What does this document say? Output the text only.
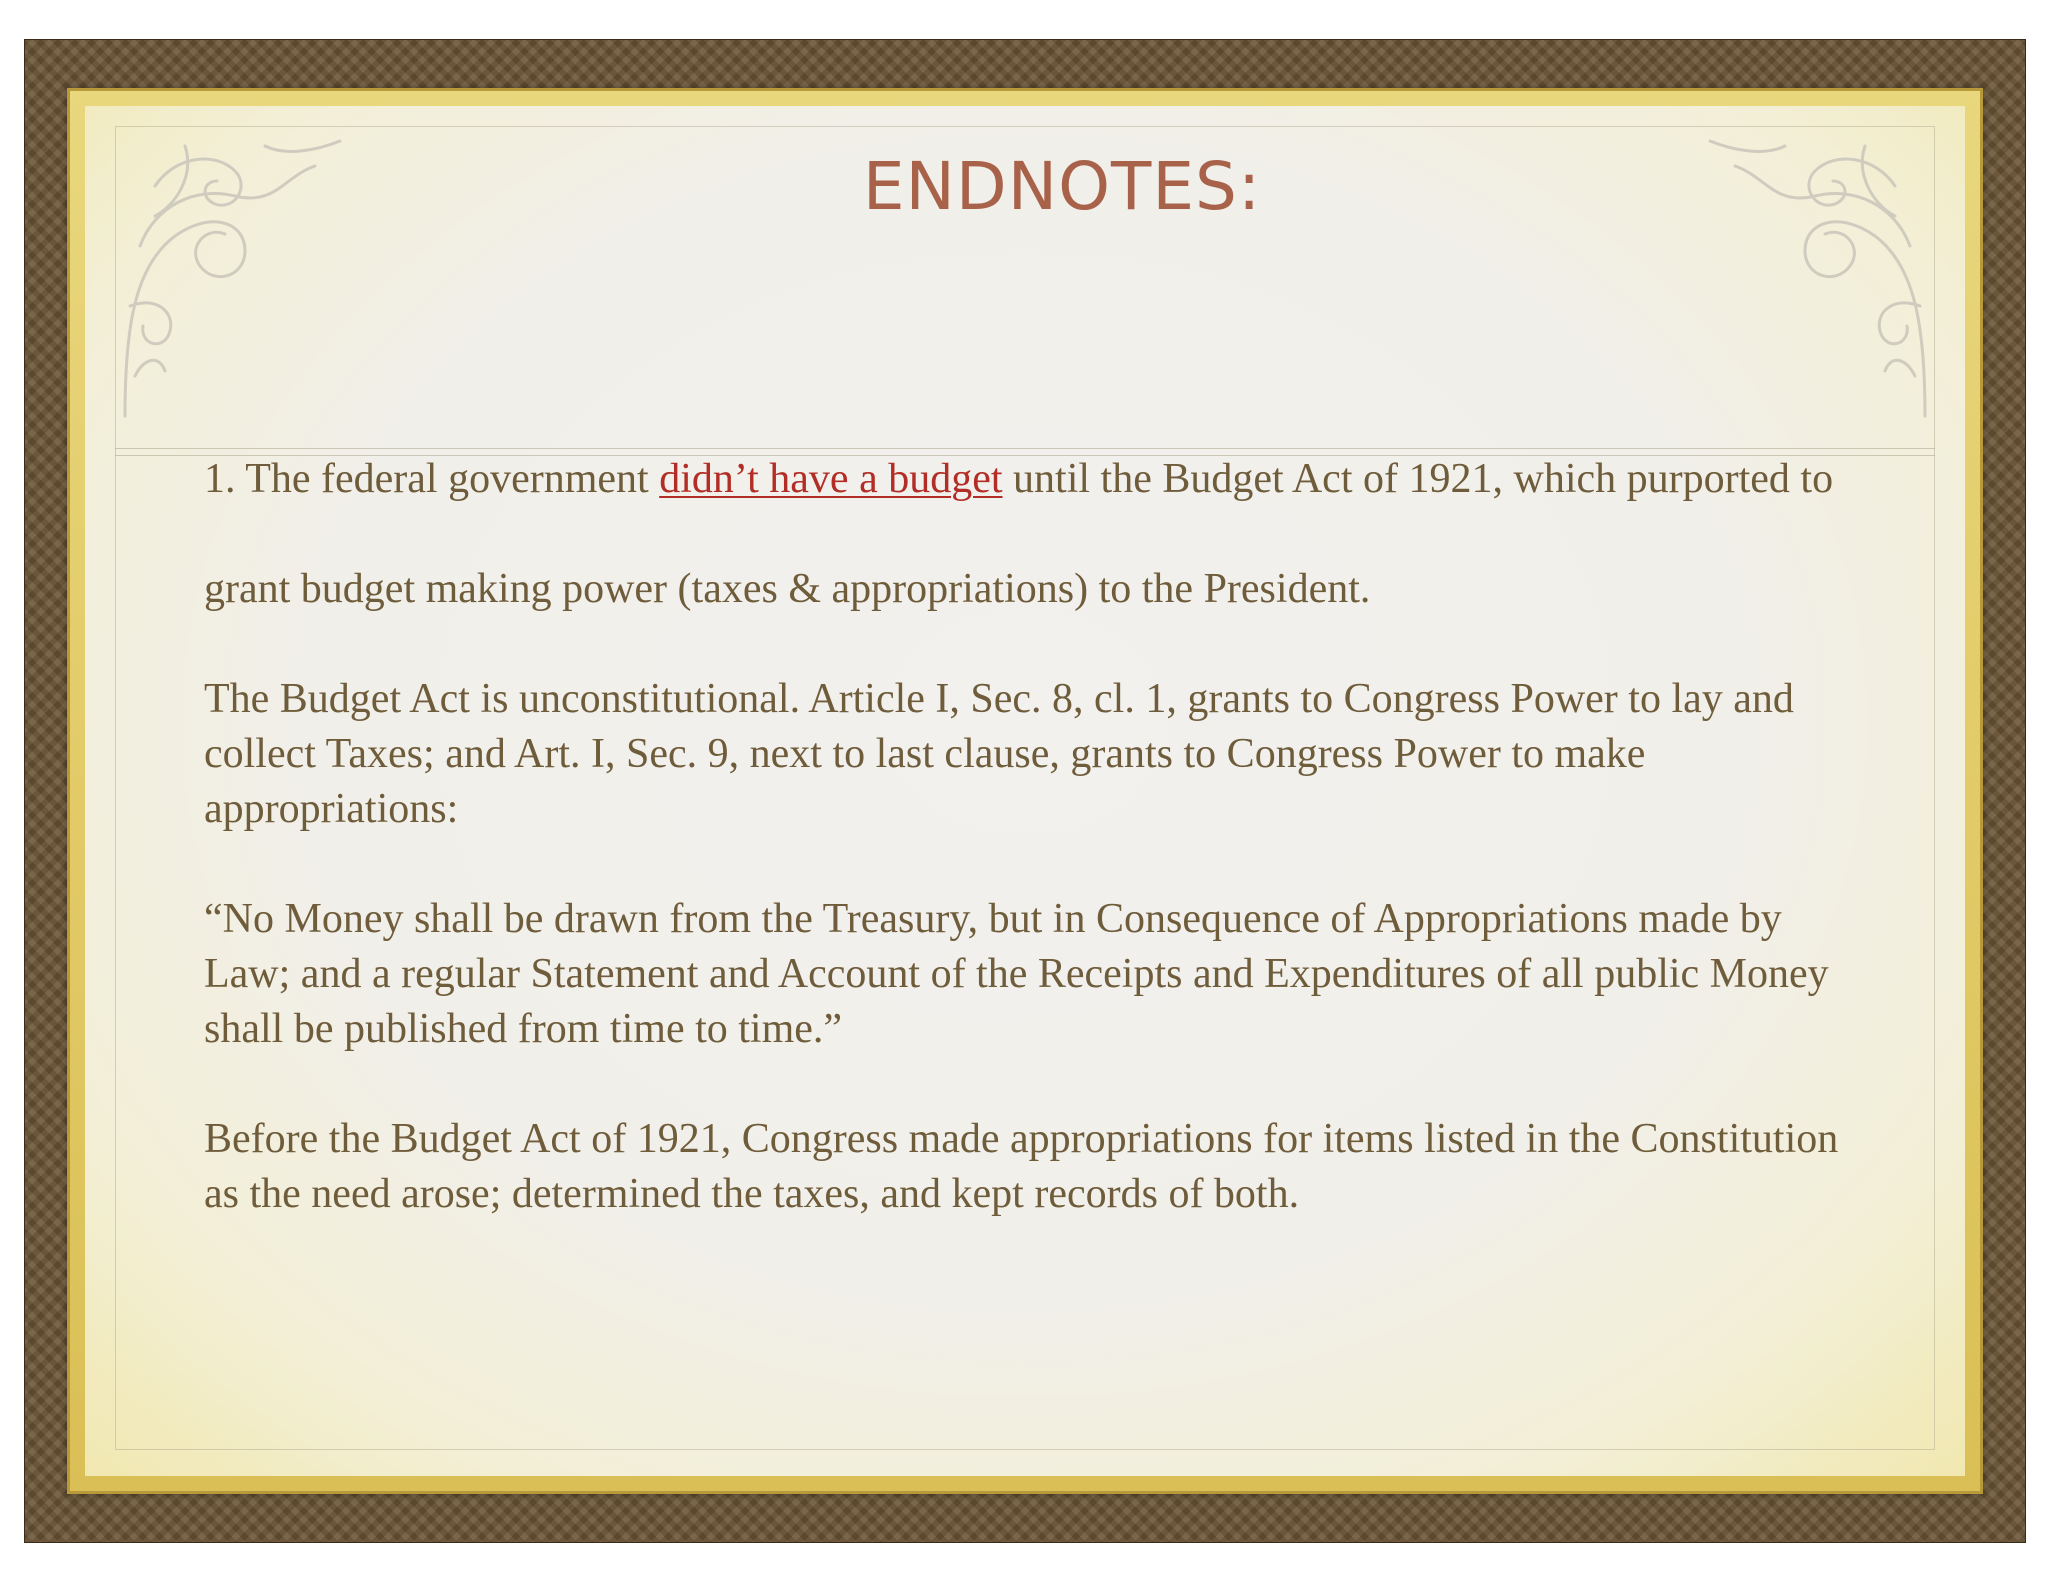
ENDNOTES:

1. The federal government didn’t have a budget until the Budget Act of 1921, which purported to

grant budget making power (taxes & appropriations) to the President.

The Budget Act is unconstitutional. Article I, Sec. 8, cl. 1, grants to Congress Power to lay and collect Taxes; and Art. I, Sec. 9, next to last clause, grants to Congress Power to make appropriations:

“No Money shall be drawn from the Treasury, but in Consequence of Appropriations made by Law; and a regular Statement and Account of the Receipts and Expenditures of all public Money shall be published from time to time.”

Before the Budget Act of 1921, Congress made appropriations for items listed in the Constitution as the need arose; determined the taxes, and kept records of both.
